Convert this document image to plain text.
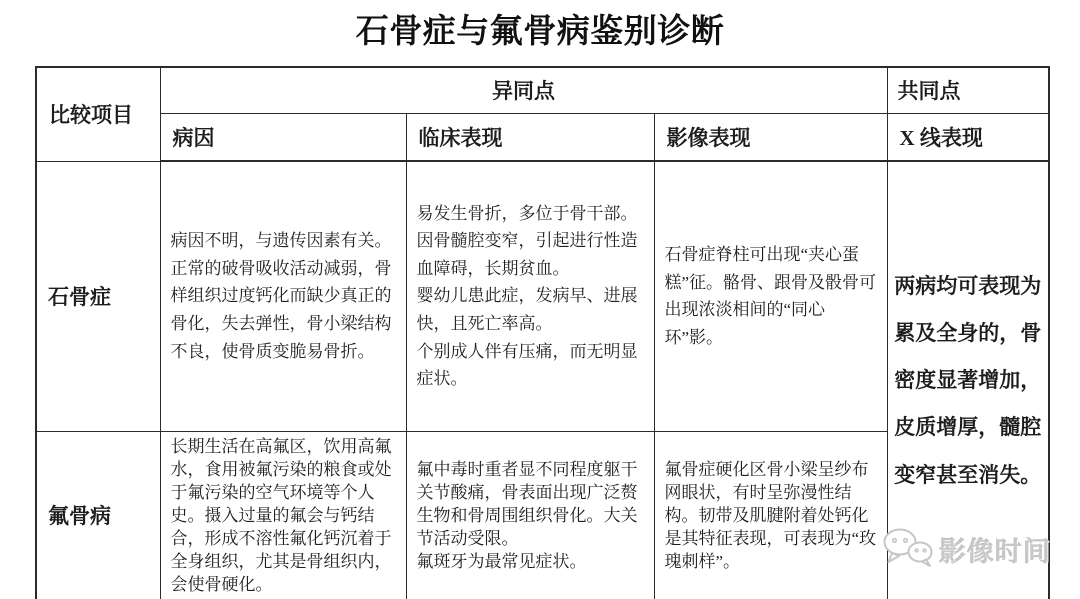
石骨症与氟骨病鉴别诊断
比较项目	异同点			共同点
	病因	临床表现	影像表现	X 线表现
石骨症	病因不明，与遗传因素有关。正常的破骨吸收活动减弱，骨样组织过度钙化而缺少真正的骨化，失去弹性，骨小梁结构不良，使骨质变脆易骨折。	易发生骨折，多位于骨干部。因骨髓腔变窄，引起进行性造血障碍，长期贫血。

婴幼儿患此症，发病早、进展快，且死亡率高。

个别成人伴有压痛，而无明显症状。	石骨症脊柱可出现“夹心蛋糕”征。骼骨、跟骨及骰骨可出现浓淡相间的“同心环”影。	两病均可表现为累及全身的，骨密度显著增加，皮质增厚，髓腔变窄甚至消失。
氟骨病	长期生活在高氟区，饮用高氟水，食用被氟污染的粮食或处于氟污染的空气环境等个人史。摄入过量的氟会与钙结合，形成不溶性氟化钙沉着于全身组织，尤其是骨组织内，会使骨硬化。	氟中毒时重者显不同程度躯干关节酸痛，骨表面出现广泛赘生物和骨周围组织骨化。大关节活动受限。

氟斑牙为最常见症状。	氟骨症硬化区骨小梁呈纱布网眼状，有时呈弥漫性结构。韧带及肌腱附着处钙化是其特征表现，可表现为“玫瑰刺样”。		影像时间
